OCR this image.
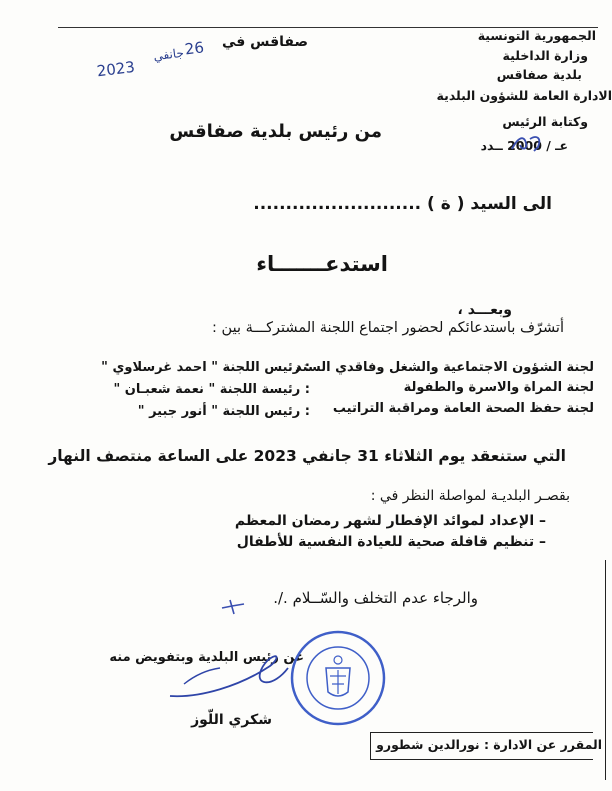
الجمهورية التونسية
وزارة الداخلية
بلدية صفاقس
الادارة العامة للشؤون البلدية
وكتابة الرئيس
عـ / 2000 ــدد
صفاقس في
2023
جانفي 26
من رئيس بلدية صفاقس
الى السيد ( ة ) ..........................
استدعـــــــاء
وبعـــد ،
أتشرّف باستدعائكم لحضور اجتماع اللجنة المشتركـــة بين :
لجنة الشؤون الاجتماعية والشغل وفاقدي السند
: رئيس اللجنة " احمد غرسلاوي "
لجنة المراة والاسرة والطفولة
: رئيسة اللجنة " نعمة شعبـان "
لجنة حفظ الصحة العامة ومراقبة التراتيب
: رئيس اللجنة " أنور جبير "
التي ستنعقد يوم الثلاثاء 31 جانفي 2023 على الساعة منتصف النهار
بقصـر البلديـة لمواصلة النظر في :
– الإعداد لموائد الإفطار لشهر رمضان المعظم
– تنظيم قافلة صحية للعيادة النفسية للأطفال
والرجاء عدم التخلف والسّــلام ./.
عن رئيس البلدية وبتفويض منه
شكري اللّوز
المقرر عن الادارة : نورالدين شطورو
